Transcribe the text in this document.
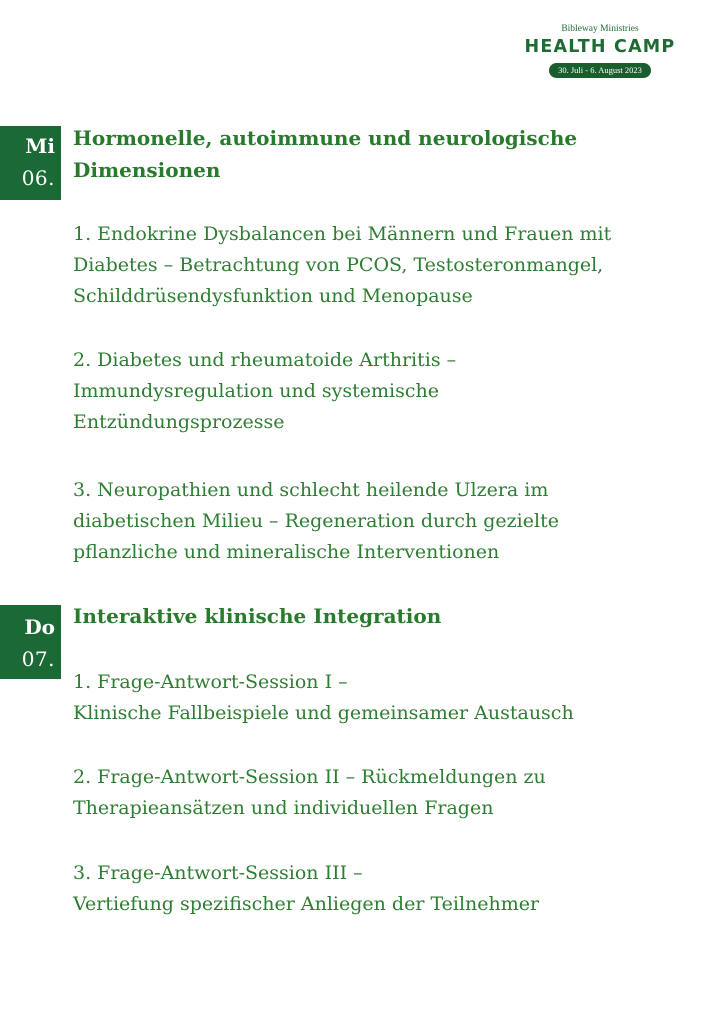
Bibleway Ministries
HEALTH CAMP
30. Juli - 6. August 2023
Mi
06.
Hormonelle, autoimmune und neurologische
Dimensionen
1. Endokrine Dysbalancen bei Männern und Frauen mit
Diabetes – Betrachtung von PCOS, Testosteronmangel,
Schilddrüsendysfunktion und Menopause
2. Diabetes und rheumatoide Arthritis –
Immundysregulation und systemische
Entzündungsprozesse
3. Neuropathien und schlecht heilende Ulzera im
diabetischen Milieu – Regeneration durch gezielte
pflanzliche und mineralische Interventionen
Do
07.
Interaktive klinische Integration
1. Frage-Antwort-Session I –
Klinische Fallbeispiele und gemeinsamer Austausch
2. Frage-Antwort-Session II – Rückmeldungen zu
Therapieansätzen und individuellen Fragen
3. Frage-Antwort-Session III –
Vertiefung spezifischer Anliegen der Teilnehmer
